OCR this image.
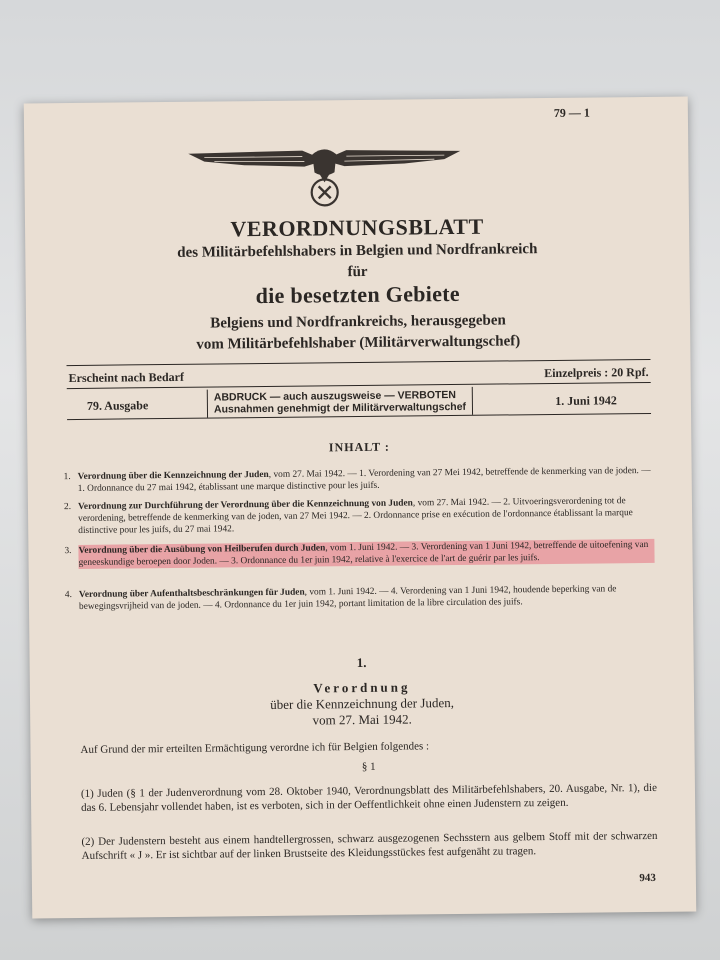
79 — 1
VERORDNUNGSBLATT
des Militärbefehlshabers in Belgien und Nordfrankreich
für
die besetzten Gebiete
Belgiens und Nordfrankreichs, herausgegeben
vom Militärbefehlshaber (Militärverwaltungschef)
Erscheint nach Bedarf	Einzelpreis : 20 Rpf.
79. Ausgabe
ABDRUCK — auch auszugsweise — VERBOTEN
Ausnahmen genehmigt der Militärverwaltungschef
1. Juni 1942
INHALT :
1. Verordnung über die Kennzeichnung der Juden, vom 27. Mai 1942. — 1. Verordening van 27 Mei 1942, betreffende de kenmerking van de joden. — 1. Ordonnance du 27 mai 1942, établissant une marque distinctive pour les juifs.
2. Verordnung zur Durchführung der Verordnung über die Kennzeichnung von Juden, vom 27. Mai 1942. — 2. Uitvoeringsverordening tot de verordening, betreffende de kenmerking van de joden, van 27 Mei 1942. — 2. Ordonnance prise en exécution de l'ordonnance établissant la marque distinctive pour les juifs, du 27 mai 1942.
3. Verordnung über die Ausübung von Heilberufen durch Juden, vom 1. Juni 1942. — 3. Verordening van 1 Juni 1942, betreffende de uitoefening van geneeskundige beroepen door Joden. — 3. Ordonnance du 1er juin 1942, relative à l'exercice de l'art de guérir par les juifs.
4. Verordnung über Aufenthaltsbeschränkungen für Juden, vom 1. Juni 1942. — 4. Verordening van 1 Juni 1942, houdende beperking van de bewegingsvrijheid van de joden. — 4. Ordonnance du 1er juin 1942, portant limitation de la libre circulation des juifs.
1.
Verordnung
über die Kennzeichnung der Juden,
vom 27. Mai 1942.
Auf Grund der mir erteilten Ermächtigung verordne ich für Belgien folgendes :
§ 1
(1) Juden (§ 1 der Judenverordnung vom 28. Oktober 1940, Verordnungsblatt des Militärbefehlshabers, 20. Ausgabe, Nr. 1), die das 6. Lebensjahr vollendet haben, ist es verboten, sich in der Oeffentlichkeit ohne einen Judenstern zu zeigen.
(2) Der Judenstern besteht aus einem handtellergrossen, schwarz ausgezogenen Sechsstern aus gelbem Stoff mit der schwarzen Aufschrift « J ». Er ist sichtbar auf der linken Brustseite des Kleidungsstückes fest aufgenäht zu tragen.
943
